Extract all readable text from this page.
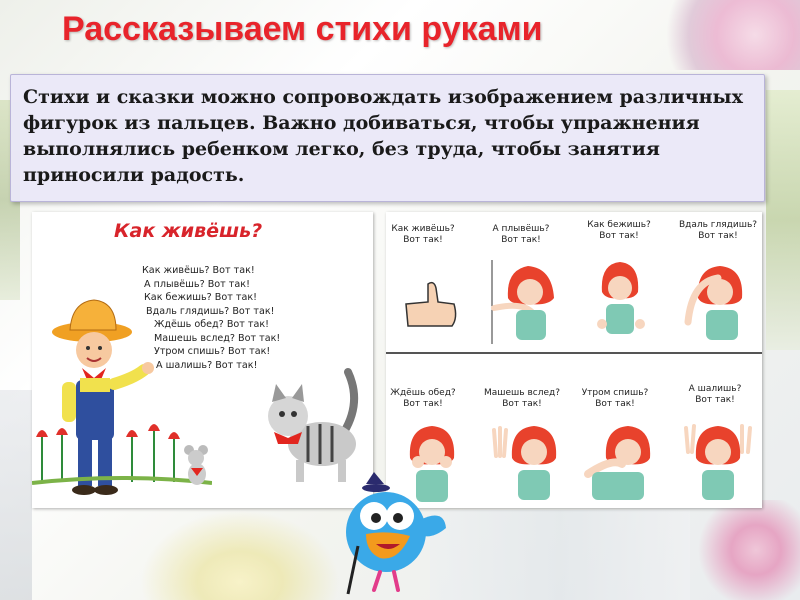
Рассказываем стихи руками

Стихи и сказки можно сопровождать изображением различных фигурок из пальцев. Важно добиваться, чтобы упражнения выполнялись ребенком легко, без труда, чтобы занятия приносили радость.

Как живёшь?
Как живёшь? Вот так!
А плывёшь? Вот так!
Как бежишь? Вот так!
Вдаль глядишь? Вот так!
Ждёшь обед? Вот так!
Машешь вслед? Вот так!
Утром спишь? Вот так!
А шалишь? Вот так!
Как живёшь?
Вот так!
А плывёшь?
Вот так!
Как бежишь?
Вот так!
Вдаль глядишь?
Вот так!
Ждёшь обед?
Вот так!
Машешь вслед?
Вот так!
Утром спишь?
Вот так!
А шалишь?
Вот так!
